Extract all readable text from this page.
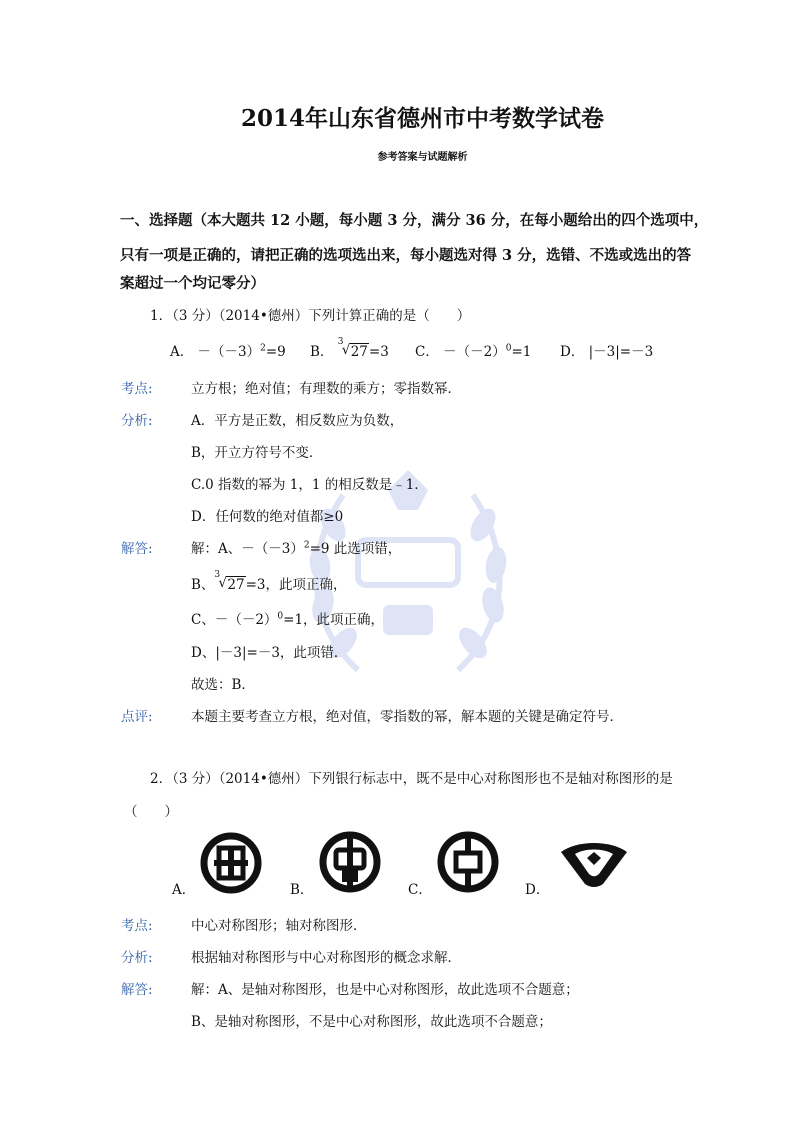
2014年山东省德州市中考数学试卷
参考答案与试题解析
一、选择题（本大题共 12 小题，每小题 3 分，满分 36 分，在每小题给出的四个选项中，
只有一项是正确的，请把正确的选项选出来，每小题选对得 3 分，选错、不选或选出的答
案超过一个均记零分）
1．（3 分）（2014•德州）下列计算正确的是（　　）
A． $-(-3)^2=9$ B．
3
√ 27=3 C． $-(-2)^0=1$ D． |－3|=－3
考点:	立方根；绝对值；有理数的乘方；零指数幂．
分析:	A．平方是正数，相反数应为负数，
B，开立方符号不变．
C.0 指数的幂为 1，1 的相反数是﹣1．
D．任何数的绝对值都≥0
解答:	解：A、$-(-3)^2=9$ 此选项错，
B、
3
√ 27=3，此项正确，
C、$-(-2)^0=1$，此项正确，
D、|－3|=－3，此项错．
故选：B．
点评:	本题主要考查立方根，绝对值，零指数的幂，解本题的关键是确定符号．
2．（3 分）（2014•德州）下列银行标志中，既不是中心对称图形也不是轴对称图形的是
（　　）
A．	B．	C．	D．
考点:	中心对称图形；轴对称图形．
分析:	根据轴对称图形与中心对称图形的概念求解．
解答:	解：A、是轴对称图形，也是中心对称图形，故此选项不合题意；
B、是轴对称图形，不是中心对称图形，故此选项不合题意；
